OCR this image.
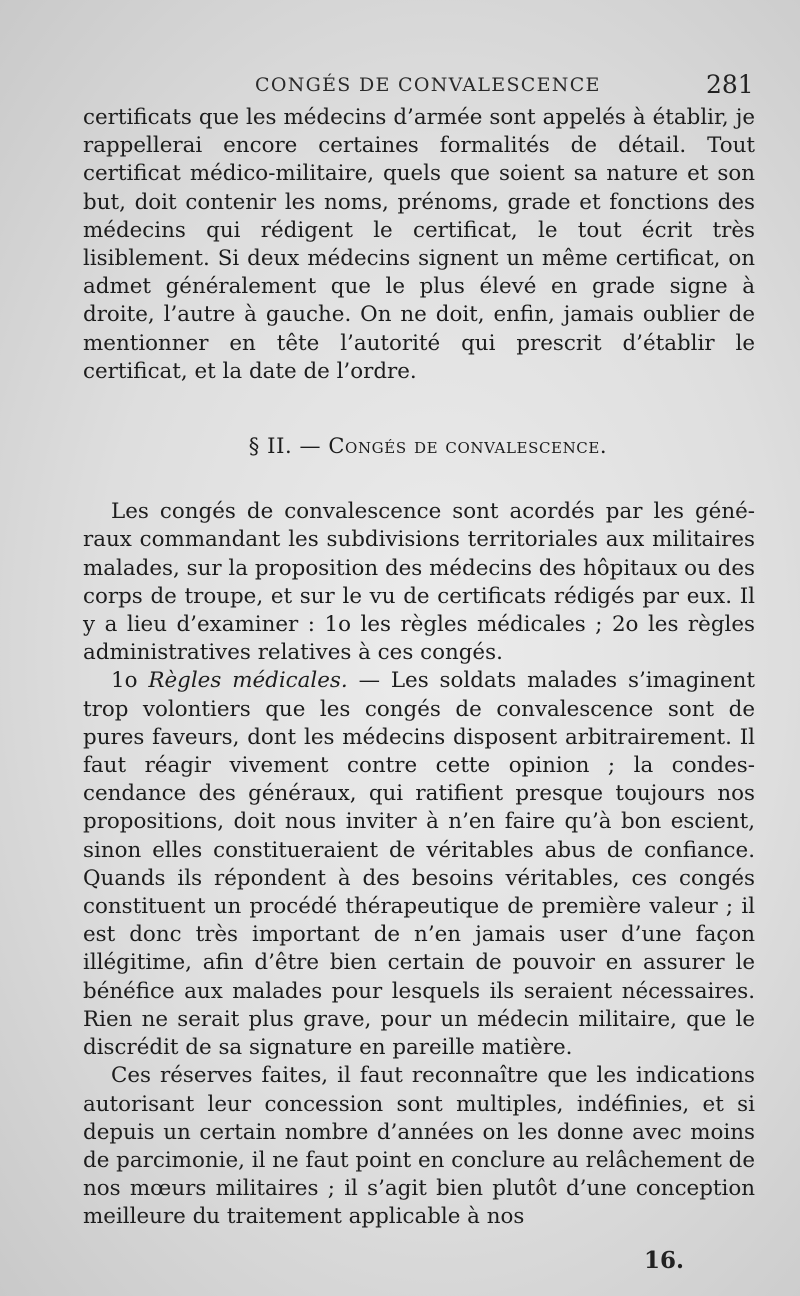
CONGÉS DE CONVALESCENCE	281

certificats que les médecins d’armée sont appelés à établir, je rappellerai encore certaines formalités de détail. Tout certificat médico-militaire, quels que soient sa nature et son but, doit contenir les noms, prénoms, grade et fonctions des médecins qui rédigent le certificat, le tout écrit très lisiblement. Si deux médecins signent un même certificat, on admet généralement que le plus élevé en grade signe à droite, l’autre à gauche. On ne doit, enfin, jamais oublier de mentionner en tête l’autorité qui prescrit d’établir le certificat, et la date de l’ordre.

§ II. — Congés de convalescence.

Les congés de convalescence sont acordés par les généraux commandant les subdivisions territoriales aux militaires malades, sur la proposition des médecins des hôpitaux ou des corps de troupe, et sur le vu de certificats rédigés par eux. Il y a lieu d’examiner : 1o les règles médicales ; 2o les règles administratives relatives à ces congés.

1o Règles médicales. — Les soldats malades s’imaginent trop volontiers que les congés de convalescence sont de pures faveurs, dont les médecins disposent arbitrairement. Il faut réagir vivement contre cette opinion ; la condescendance des généraux, qui ratifient presque toujours nos propositions, doit nous inviter à n’en faire qu’à bon escient, sinon elles constitueraient de véritables abus de confiance. Quands ils répondent à des besoins véritables, ces congés constituent un procédé thérapeutique de première valeur ; il est donc très important de n’en jamais user d’une façon illégitime, afin d’être bien certain de pouvoir en assurer le bénéfice aux malades pour lesquels ils seraient nécessaires. Rien ne serait plus grave, pour un médecin militaire, que le discrédit de sa signature en pareille matière.

Ces réserves faites, il faut reconnaître que les indications autorisant leur concession sont multiples, indéfinies, et si depuis un certain nombre d’années on les donne avec moins de parcimonie, il ne faut point en conclure au relâchement de nos mœurs militaires ; il s’agit bien plutôt d’une conception meilleure du traitement applicable à nos

16.
